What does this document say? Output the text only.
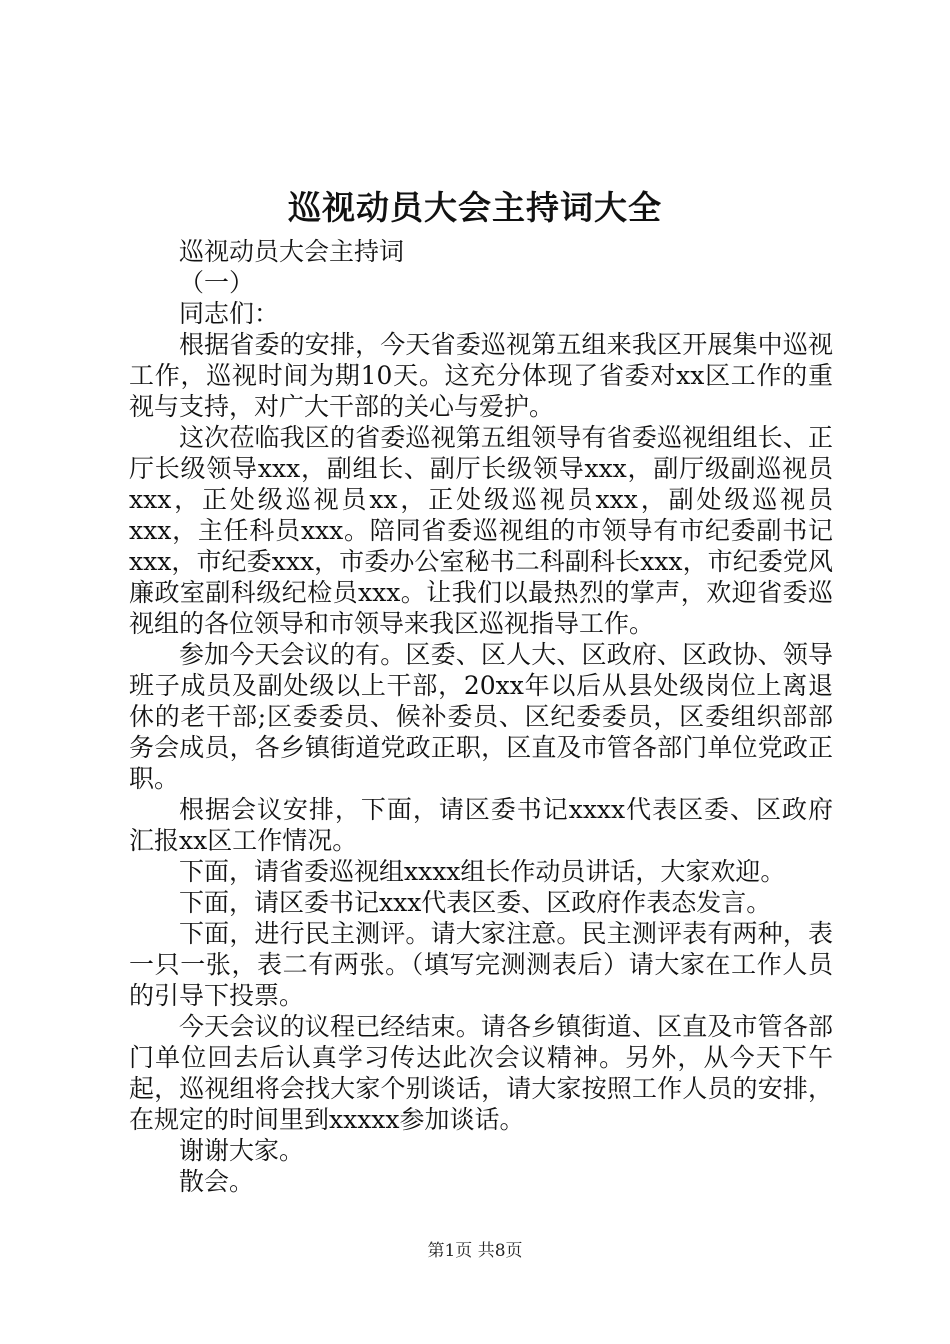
巡视动员大会主持词大全

巡视动员大会主持词

（一）

同志们：

根据省委的安排，今天省委巡视第五组来我区开展集中巡视工作，巡视时间为期10天。这充分体现了省委对xx区工作的重视与支持，对广大干部的关心与爱护。

这次莅临我区的省委巡视第五组领导有省委巡视组组长、正厅长级领导xxx，副组长、副厅长级领导xxx，副厅级副巡视员xxx，正处级巡视员xx，正处级巡视员xxx，副处级巡视员xxx，主任科员xxx。陪同省委巡视组的市领导有市纪委副书记xxx，市纪委xxx，市委办公室秘书二科副科长xxx，市纪委党风廉政室副科级纪检员xxx。让我们以最热烈的掌声，欢迎省委巡视组的各位领导和市领导来我区巡视指导工作。

参加今天会议的有。区委、区人大、区政府、区政协、领导班子成员及副处级以上干部，20xx年以后从县处级岗位上离退休的老干部;区委委员、候补委员、区纪委委员，区委组织部部务会成员，各乡镇街道党政正职，区直及市管各部门单位党政正职。

根据会议安排，下面，请区委书记xxxx代表区委、区政府汇报xx区工作情况。

下面，请省委巡视组xxxx组长作动员讲话，大家欢迎。

下面，请区委书记xxx代表区委、区政府作表态发言。

下面，进行民主测评。请大家注意。民主测评表有两种，表一只一张，表二有两张。（填写完测测表后）请大家在工作人员的引导下投票。

今天会议的议程已经结束。请各乡镇街道、区直及市管各部门单位回去后认真学习传达此次会议精神。另外，从今天下午起，巡视组将会找大家个别谈话，请大家按照工作人员的安排，在规定的时间里到xxxxx参加谈话。

谢谢大家。

散会。

第1页 共8页
